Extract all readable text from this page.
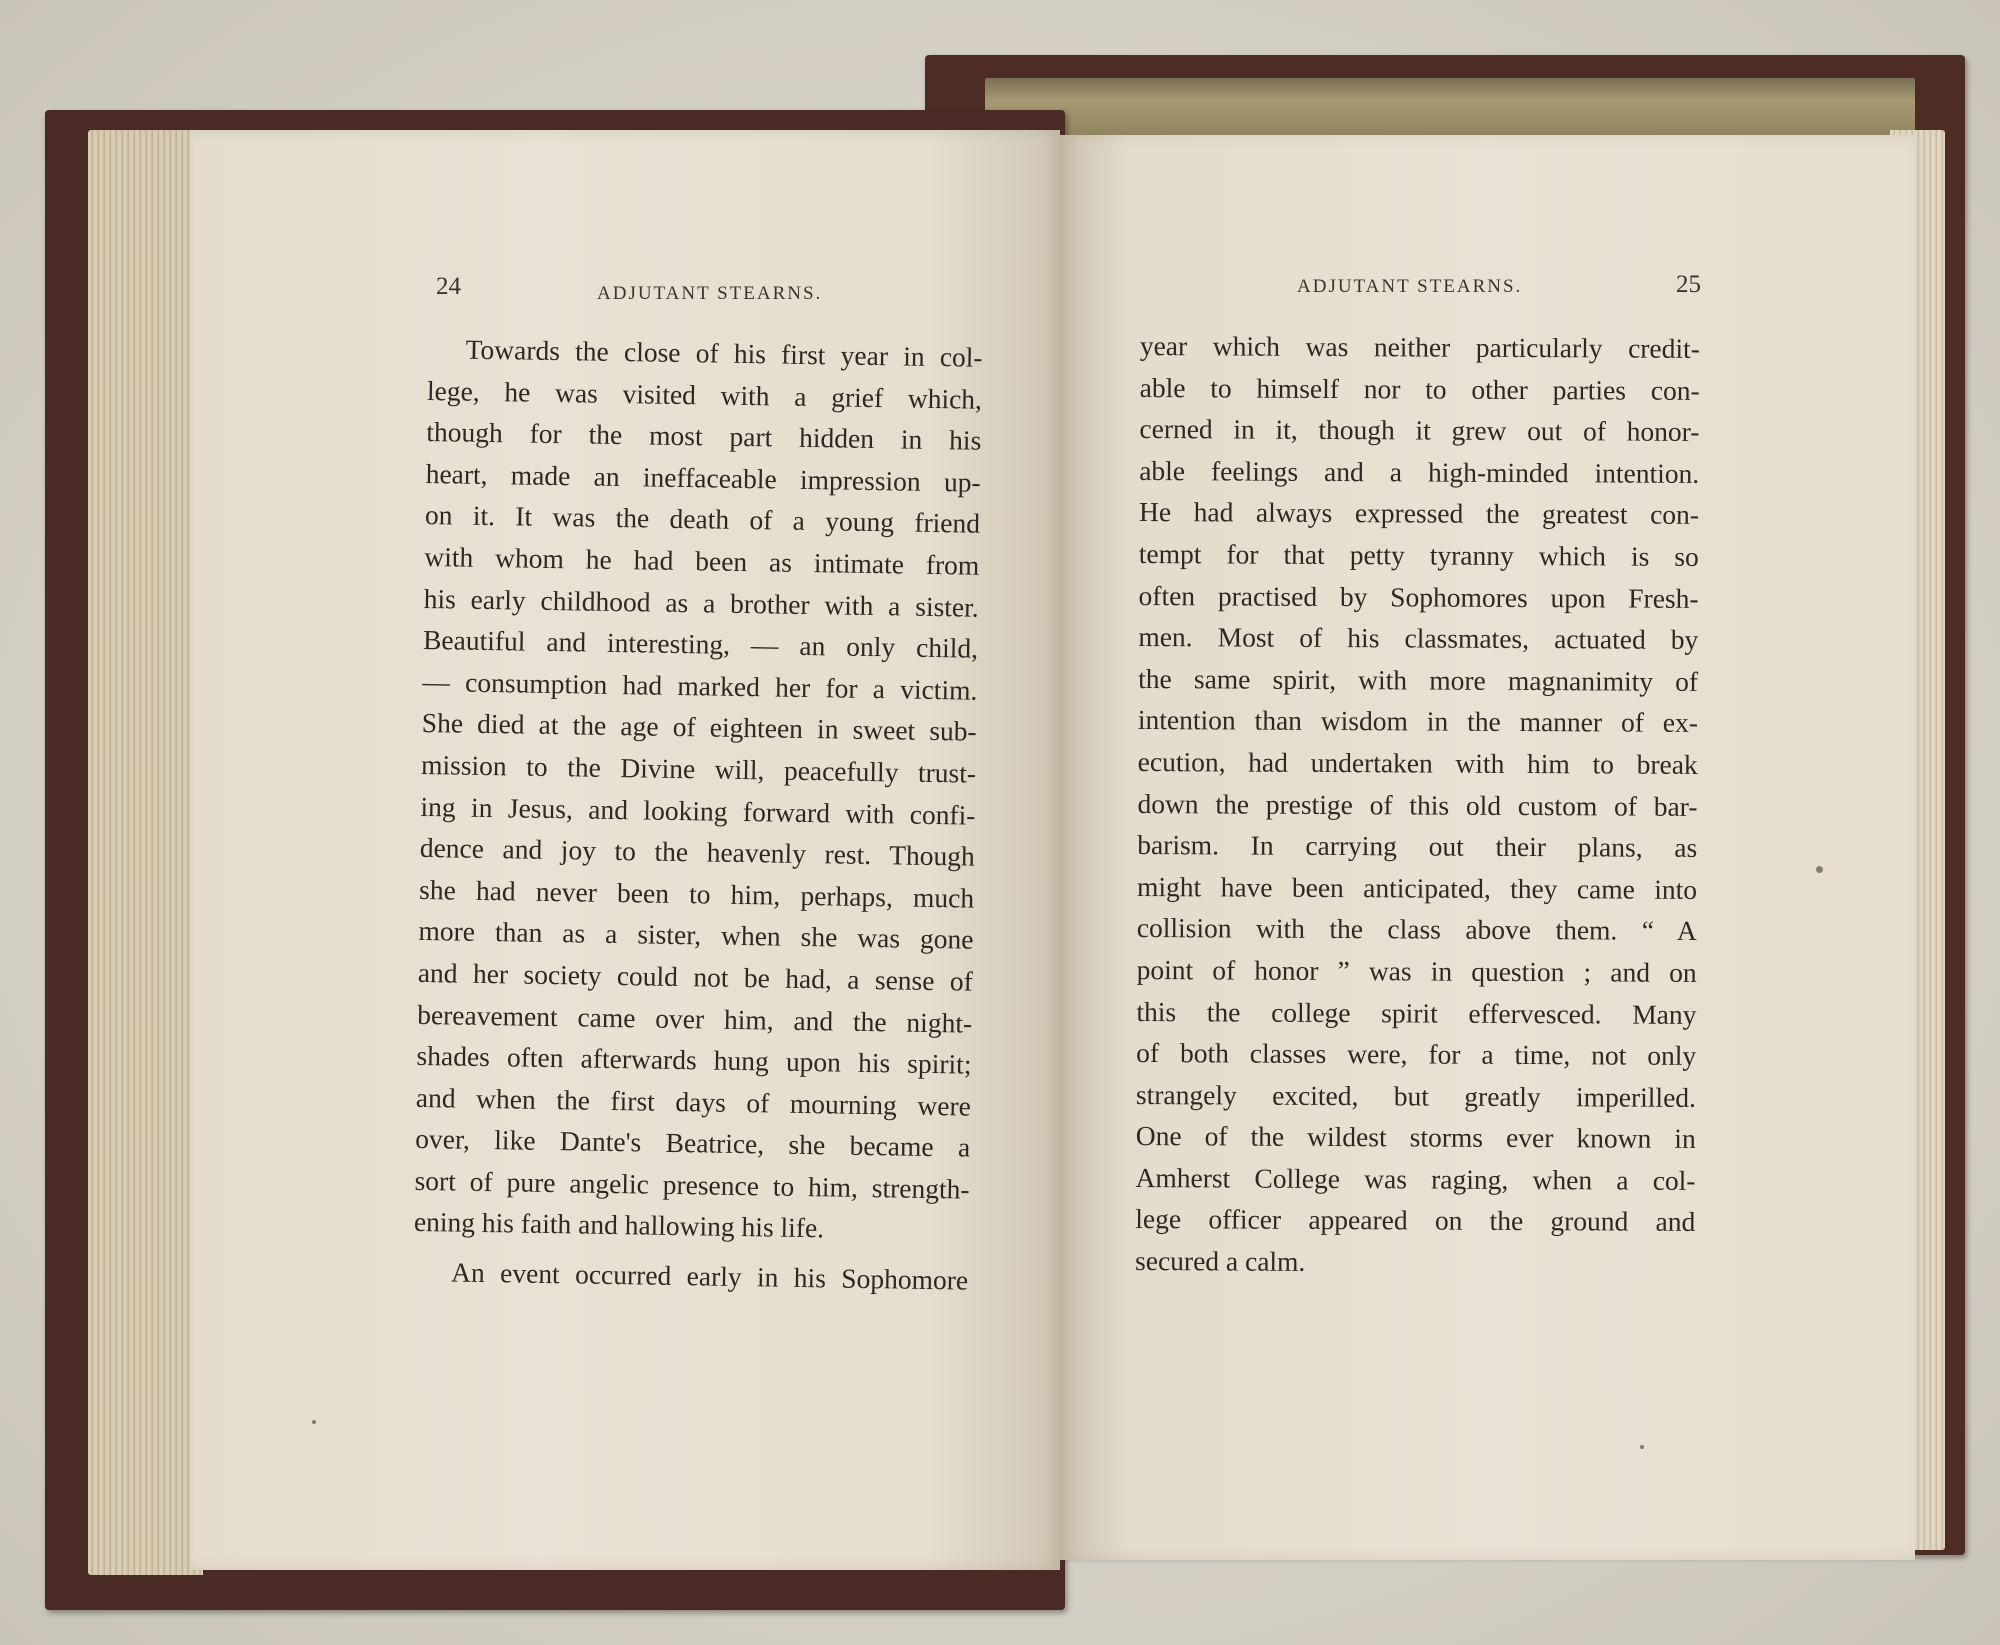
24	ADJUTANT STEARNS.	ADJUTANT STEARNS.	25
Towards the close of his first year in col-
lege, he was visited with a grief which,
though for the most part hidden in his
heart, made an ineffaceable impression up-
on it. It was the death of a young friend
with whom he had been as intimate from
his early childhood as a brother with a sister.
Beautiful and interesting, — an only child,
— consumption had marked her for a victim.
She died at the age of eighteen in sweet sub-
mission to the Divine will, peacefully trust-
ing in Jesus, and looking forward with confi-
dence and joy to the heavenly rest. Though
she had never been to him, perhaps, much
more than as a sister, when she was gone
and her society could not be had, a sense of
bereavement came over him, and the night-
shades often afterwards hung upon his spirit;
and when the first days of mourning were
over, like Dante's Beatrice, she became a
sort of pure angelic presence to him, strength-
ening his faith and hallowing his life.
An event occurred early in his Sophomore
year which was neither particularly credit-
able to himself nor to other parties con-
cerned in it, though it grew out of honor-
able feelings and a high-minded intention.
He had always expressed the greatest con-
tempt for that petty tyranny which is so
often practised by Sophomores upon Fresh-
men. Most of his classmates, actuated by
the same spirit, with more magnanimity of
intention than wisdom in the manner of ex-
ecution, had undertaken with him to break
down the prestige of this old custom of bar-
barism. In carrying out their plans, as
might have been anticipated, they came into
collision with the class above them. “ A
point of honor ” was in question ; and on
this the college spirit effervesced. Many
of both classes were, for a time, not only
strangely excited, but greatly imperilled.
One of the wildest storms ever known in
Amherst College was raging, when a col-
lege officer appeared on the ground and
secured a calm.
